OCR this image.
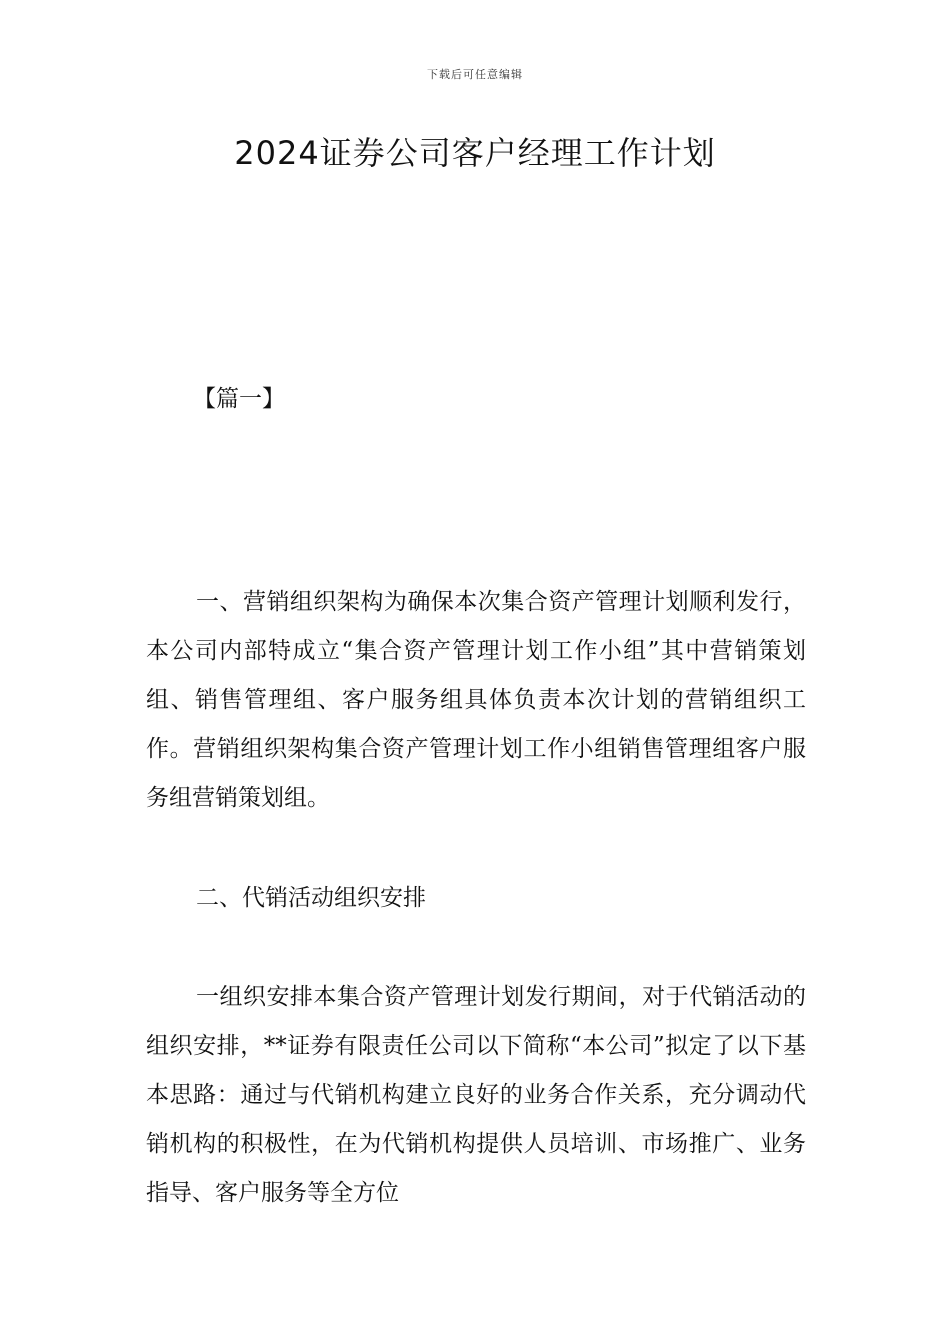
下载后可任意编辑
2024证券公司客户经理工作计划
【篇一】

一、营销组织架构为确保本次集合资产管理计划顺利发行，本公司内部特成立“集合资产管理计划工作小组”其中营销策划组、销售管理组、客户服务组具体负责本次计划的营销组织工作。营销组织架构集合资产管理计划工作小组销售管理组客户服务组营销策划组。

二、代销活动组织安排

一组织安排本集合资产管理计划发行期间，对于代销活动的组织安排，**证券有限责任公司以下简称“本公司”拟定了以下基本思路：通过与代销机构建立良好的业务合作关系，充分调动代销机构的积极性，在为代销机构提供人员培训、市场推广、业务指导、客户服务等全方位
